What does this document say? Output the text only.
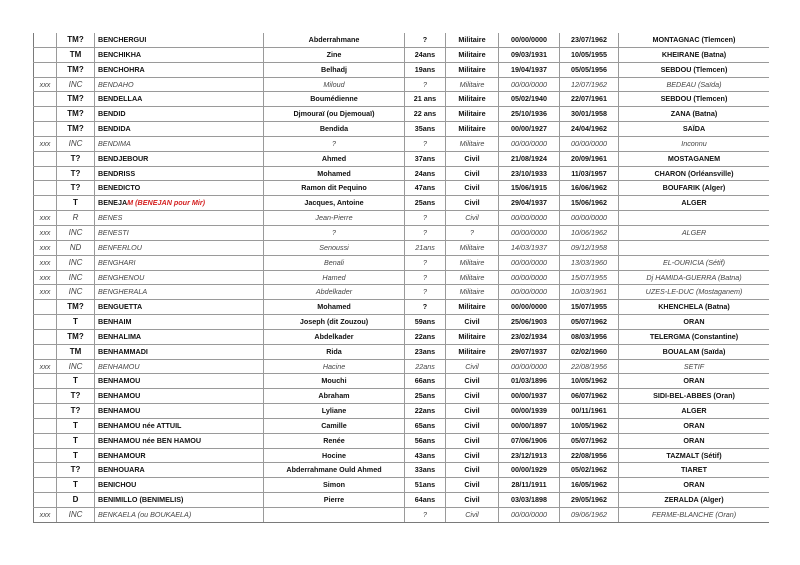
	TM?	BENCHERGUI	Abderrahmane	?	Militaire	00/00/0000	23/07/1962	MONTAGNAC (Tlemcen)
	TM	BENCHIKHA	Zine	24ans	Militaire	09/03/1931	10/05/1955	KHEIRANE (Batna)
	TM?	BENCHOHRA	Belhadj	19ans	Militaire	19/04/1937	05/05/1956	SEBDOU (Tlemcen)
xxx	INC	BENDAHO	Miloud	?	Militaire	00/00/0000	12/07/1962	BEDEAU (Saïda)
	TM?	BENDELLAA	Boumédienne	21 ans	Militaire	05/02/1940	22/07/1961	SEBDOU (Tlemcen)
	TM?	BENDID	Djmouraï (ou Djemouaï)	22 ans	Militaire	25/10/1936	30/01/1958	ZANA (Batna)
	TM?	BENDIDA	Bendida	35ans	Militaire	00/00/1927	24/04/1962	SAÏDA
xxx	INC	BENDIMA	?	?	Militaire	00/00/0000	00/00/0000	Inconnu
	T?	BENDJEBOUR	Ahmed	37ans	Civil	21/08/1924	20/09/1961	MOSTAGANEM
	T?	BENDRISS	Mohamed	24ans	Civil	23/10/1933	11/03/1957	CHARON (Orléansville)
	T?	BENEDICTO	Ramon dit Pequino	47ans	Civil	15/06/1915	16/06/1962	BOUFARIK (Alger)
	T	BENEJAM (BENEJAN pour Mir)	Jacques, Antoine	25ans	Civil	29/04/1937	15/06/1962	ALGER
xxx	R	BENES	Jean-Pierre	?	Civil	00/00/0000	00/00/0000	
xxx	INC	BENESTI	?	?	?	00/00/0000	10/06/1962	ALGER
xxx	ND	BENFERLOU	Senoussi	21ans	Militaire	14/03/1937	09/12/1958	
xxx	INC	BENGHARI	Benali	?	Militaire	00/00/0000	13/03/1960	EL-OURICIA (Sétif)
xxx	INC	BENGHENOU	Hamed	?	Militaire	00/00/0000	15/07/1955	Dj HAMIDA-GUERRA (Batna)
xxx	INC	BENGHERALA	Abdelkader	?	Militaire	00/00/0000	10/03/1961	UZES-LE-DUC (Mostaganem)
	TM?	BENGUETTA	Mohamed	?	Militaire	00/00/0000	15/07/1955	KHENCHELA (Batna)
	T	BENHAIM	Joseph (dit Zouzou)	59ans	Civil	25/06/1903	05/07/1962	ORAN
	TM?	BENHALIMA	Abdelkader	22ans	Militaire	23/02/1934	08/03/1956	TELERGMA (Constantine)
	TM	BENHAMMADI	Rida	23ans	Militaire	29/07/1937	02/02/1960	BOUALAM (Saïda)
xxx	INC	BENHAMOU	Hacine	22ans	Civil	00/00/0000	22/08/1956	SETIF
	T	BENHAMOU	Mouchi	66ans	Civil	01/03/1896	10/05/1962	ORAN
	T?	BENHAMOU	Abraham	25ans	Civil	00/00/1937	06/07/1962	SIDI-BEL-ABBES (Oran)
	T?	BENHAMOU	Lyliane	22ans	Civil	00/00/1939	00/11/1961	ALGER
	T	BENHAMOU née ATTUIL	Camille	65ans	Civil	00/00/1897	10/05/1962	ORAN
	T	BENHAMOU née BEN HAMOU	Renée	56ans	Civil	07/06/1906	05/07/1962	ORAN
	T	BENHAMOUR	Hocine	43ans	Civil	23/12/1913	22/08/1956	TAZMALT (Sétif)
	T?	BENHOUARA	Abderrahmane Ould Ahmed	33ans	Civil	00/00/1929	05/02/1962	TIARET
	T	BENICHOU	Simon	51ans	Civil	28/11/1911	16/05/1962	ORAN
	D	BENIMILLO (BENIMELIS)	Pierre	64ans	Civil	03/03/1898	29/05/1962	ZERALDA (Alger)
xxx	INC	BENKAELA (ou BOUKAELA)		?	Civil	00/00/0000	09/06/1962	FERME-BLANCHE (Oran)
